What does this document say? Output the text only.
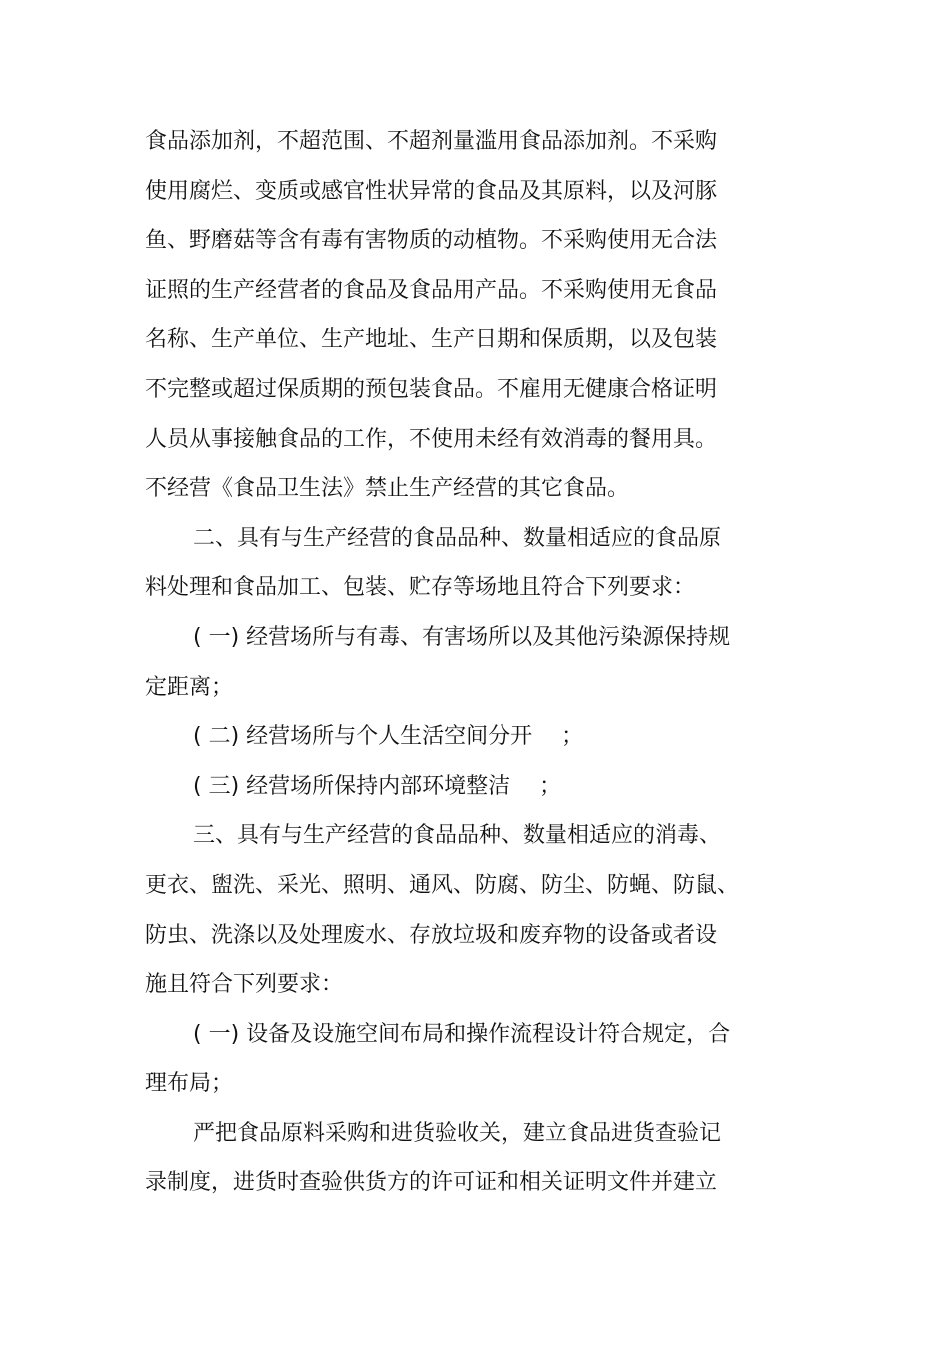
食品添加剂，不超范围、不超剂量滥用食品添加剂。不采购
使用腐烂、变质或感官性状异常的食品及其原料，以及河豚
鱼、野磨菇等含有毒有害物质的动植物。不采购使用无合法
证照的生产经营者的食品及食品用产品。不采购使用无食品
名称、生产单位、生产地址、生产日期和保质期，以及包装
不完整或超过保质期的预包装食品。不雇用无健康合格证明
人员从事接触食品的工作，不使用未经有效消毒的餐用具。
不经营《食品卫生法》禁止生产经营的其它食品。
二、具有与生产经营的食品品种、数量相适应的食品原
料处理和食品加工、包装、贮存等场地且符合下列要求：
( 一) 经营场所与有毒、有害场所以及其他污染源保持规
定距离；
( 二) 经营场所与个人生活空间分开　 ；
( 三) 经营场所保持内部环境整洁　 ；
三、具有与生产经营的食品品种、数量相适应的消毒、
更衣、盥洗、采光、照明、通风、防腐、防尘、防蝇、防鼠、
防虫、洗涤以及处理废水、存放垃圾和废弃物的设备或者设
施且符合下列要求：
( 一) 设备及设施空间布局和操作流程设计符合规定，合
理布局；
严把食品原料采购和进货验收关，建立食品进货查验记
录制度，进货时查验供货方的许可证和相关证明文件并建立
